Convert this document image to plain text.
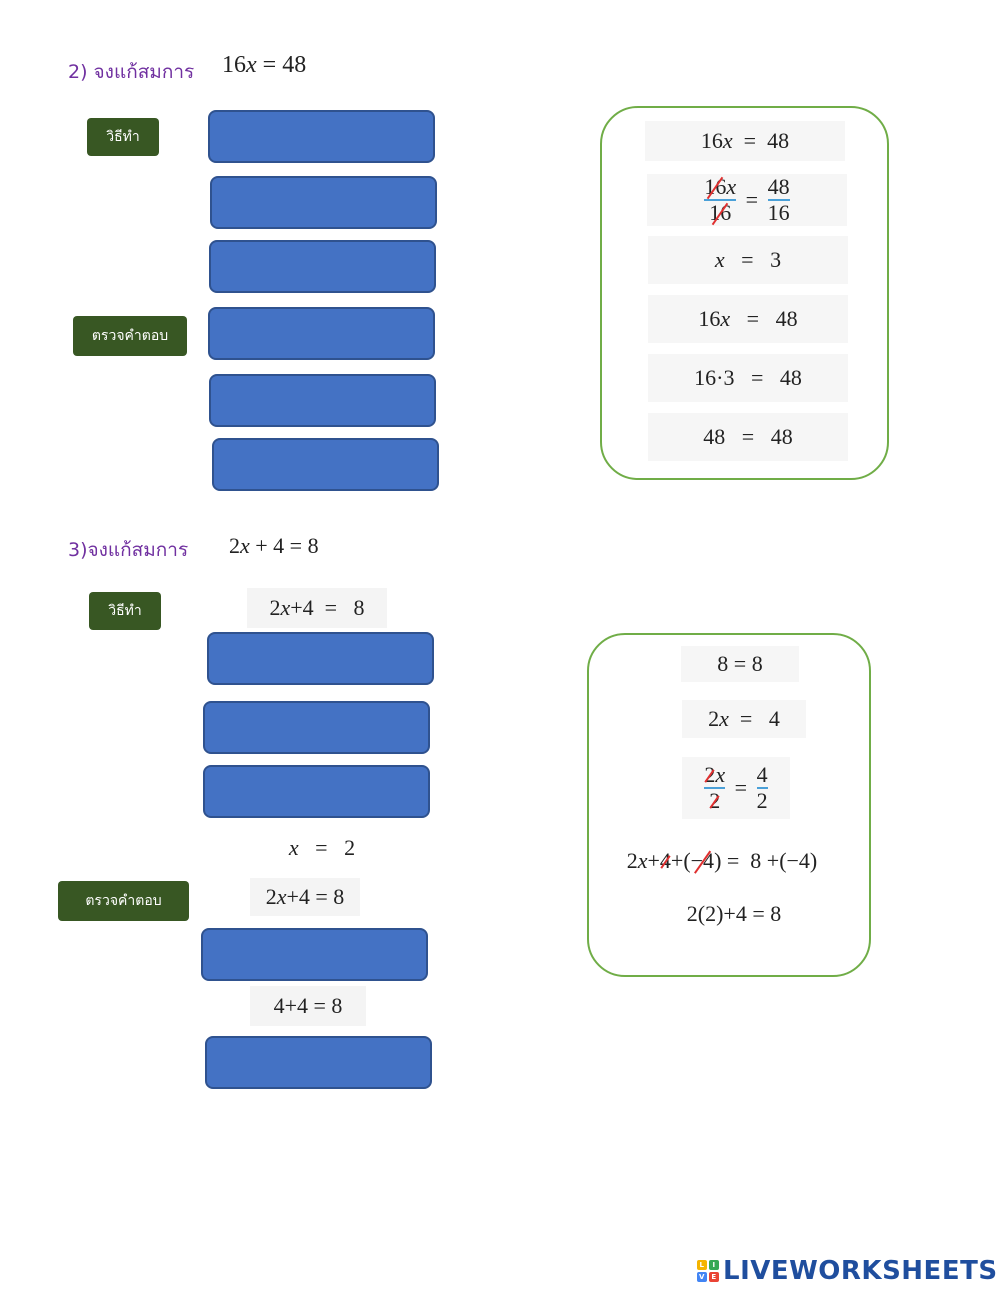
2) จงแก้สมการ 16x = 48
วิธีทำ
ตรวจคำตอบ
16 x =  48
$\frac{16x}{16} = \frac{48}{16}$
x =   3
16 x =   48
16·3   =   48
48   =   48
3)จงแก้สมการ 2x + 4 = 8
วิธีทำ
ตรวจคำตอบ
2 x +4  =   8
x =   2
2 x +4 = 8
4+4 = 8
8 = 8
2 x =   4
$\frac{2x}{2} = \frac{4}{2}$
2 x + 4 +( −4 ) =  8 +(−4)
2(2)+4 = 8
L	I
V E LIVEWORKSHEETS
